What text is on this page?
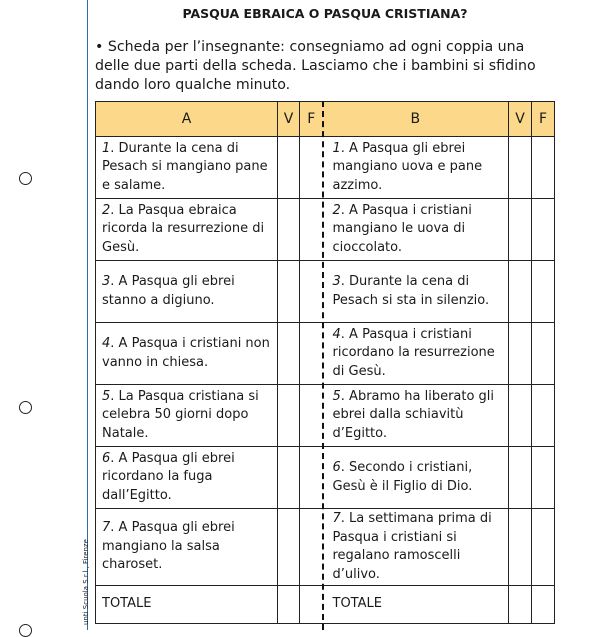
unti Scuola S.r.l., Firenze
PASQUA EBRAICA O PASQUA CRISTIANA?
• Scheda per l’insegnante: consegniamo ad ogni coppia una delle due parti della scheda. Lasciamo che i bambini si sfidino dando loro qualche minuto.
A	V	F	B	V	F
1. Durante la cena di Pesach si mangiano pane e salame.			1. A Pasqua gli ebrei mangiano uova e pane azzimo.		
2. La Pasqua ebraica ricorda la resurrezione di Gesù.			2. A Pasqua i cristiani mangiano le uova di cioccolato.		
3. A Pasqua gli ebrei stanno a digiuno.			3. Durante la cena di Pesach si sta in silenzio.		
4. A Pasqua i cristiani non vanno in chiesa.			4. A Pasqua i cristiani ricordano la resurrezione di Gesù.		
5. La Pasqua cristiana si celebra 50 giorni dopo Natale.			5. Abramo ha liberato gli ebrei dalla schiavitù d’Egitto.		
6. A Pasqua gli ebrei ricordano la fuga dall’Egitto.			6. Secondo i cristiani, Gesù è il Figlio di Dio.		
7. A Pasqua gli ebrei mangiano la salsa charoset.			7. La settimana prima di Pasqua i cristiani si regalano ramoscelli d’ulivo.		
TOTALE			TOTALE		
